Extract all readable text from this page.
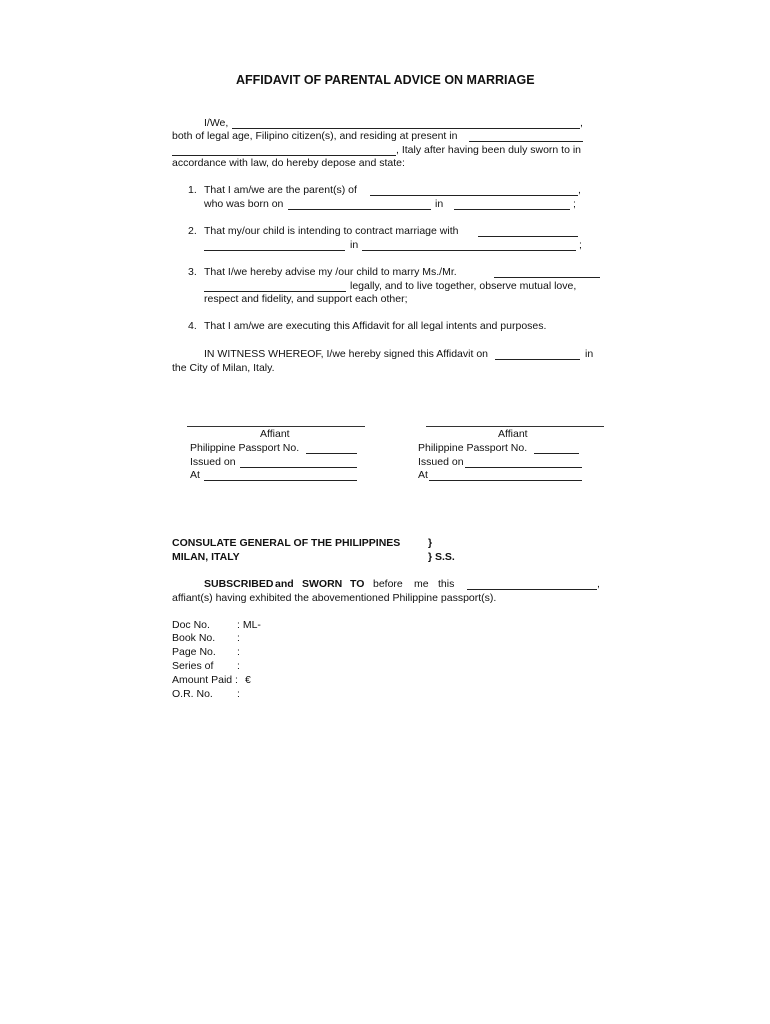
AFFIDAVIT OF PARENTAL ADVICE ON MARRIAGE
I/We,	,
both of legal age, Filipino citizen(s), and residing at present in
, Italy after having been duly sworn to in
accordance with law, do hereby depose and state:
1. That I am/we are the parent(s) of	,
who was born on	in	;
2. That my/our child is intending to contract marriage with
in	;
3. That I/we hereby advise my /our child to marry Ms./Mr.
legally, and to live together, observe mutual love,
respect and fidelity, and support each other;
4. That I am/we are executing this Affidavit for all legal intents and purposes.
IN WITNESS WHEREOF, I/we hereby signed this Affidavit on	in
the City of Milan, Italy.
Affiant
Philippine Passport No.
Issued on
At
Affiant
Philippine Passport No.
Issued on
At
CONSULATE GENERAL OF THE PHILIPPINES	}
MILAN, ITALY	} S.S.
SUBSCRIBED and SWORN TO before me this	,
affiant(s) having exhibited the abovementioned Philippine passport(s).
Doc No.	: ML-
Book No. :
Page No. :
Series of :
Amount Paid : €
O.R. No. :
